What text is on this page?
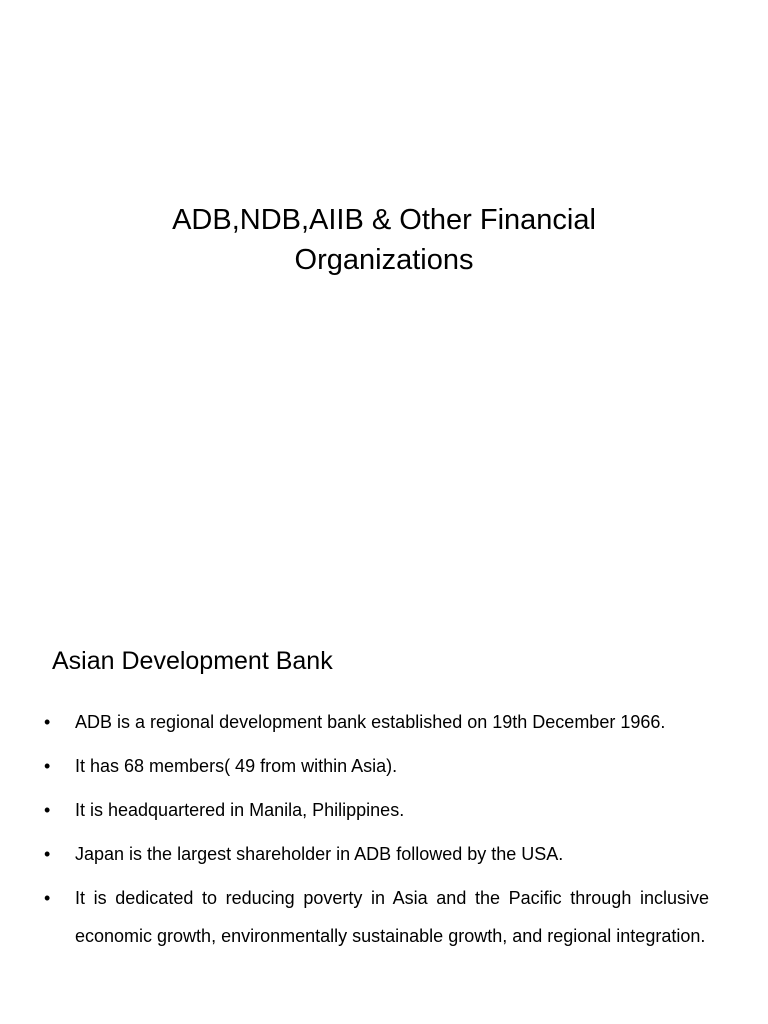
ADB,NDB,AIIB & Other Financial Organizations
Asian Development Bank
• ADB is a regional development bank established on 19th December 1966.
• It has 68 members( 49 from within Asia).
• It is headquartered in Manila, Philippines.
• Japan is the largest shareholder in ADB followed by the USA.
• It is dedicated to reducing poverty in Asia and the Pacific through inclusive economic growth, environmentally sustainable growth, and regional integration.
